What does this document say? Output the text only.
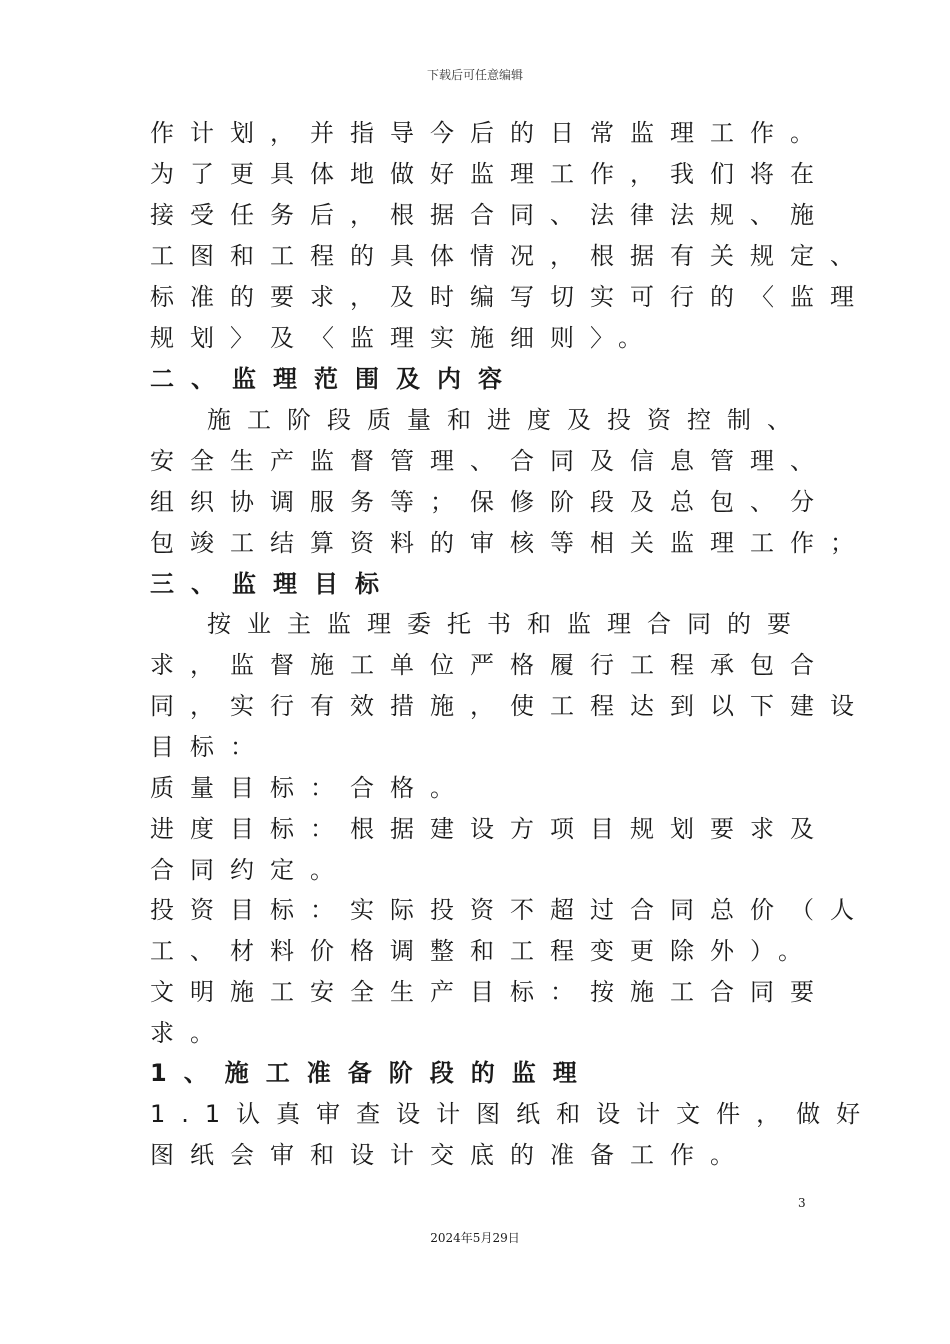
下载后可任意编辑
作计划，并指导今后的日常监理工作。
为了更具体地做好监理工作，我们将在
接受任务后，根据合同、法律法规、施
工图和工程的具体情况，根据有关规定、
标准的要求，及时编写切实可行的〈监理
规划〉及〈监理实施细则〉。
二、监理范围及内容
施工阶段质量和进度及投资控制、
安全生产监督管理、合同及信息管理、
组织协调服务等；保修阶段及总包、分
包竣工结算资料的审核等相关监理工作；
三、监理目标
按业主监理委托书和监理合同的要
求，监督施工单位严格履行工程承包合
同，实行有效措施，使工程达到以下建设
目标：
质量目标：合格。
进度目标：根据建设方项目规划要求及
合同约定。
投资目标：实际投资不超过合同总价（人
工、材料价格调整和工程变更除外）。
文明施工安全生产目标：按施工合同要
求。
1、施工准备阶段的监理
1.1认真审查设计图纸和设计文件，做好
图纸会审和设计交底的准备工作。
3
2024年5月29日
